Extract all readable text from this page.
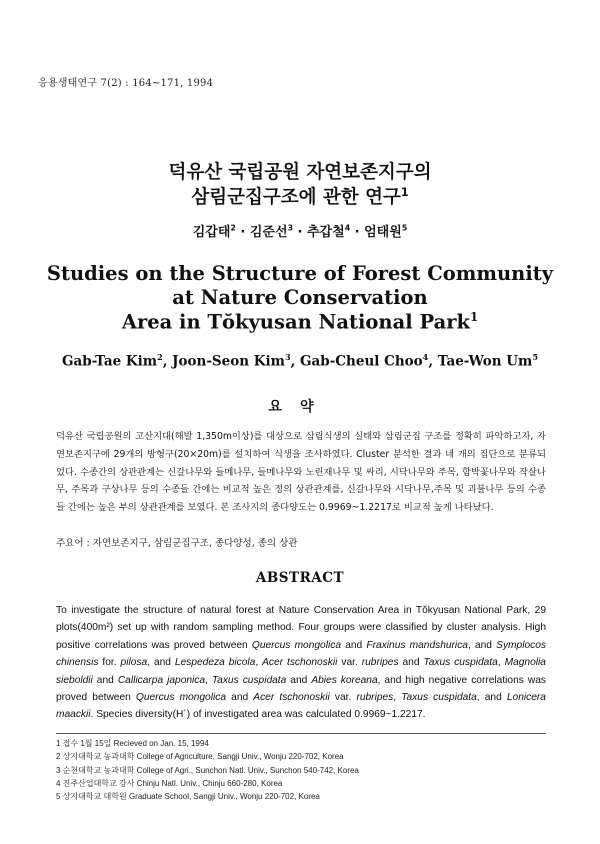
응용생태연구 7(2) : 164~171, 1994
덕유산 국립공원 자연보존지구의
삼림군집구조에 관한 연구$^1$
김갑태$^2$ · 김준선$^3$ · 추갑철$^4$ · 엄태원$^5$
Studies on the Structure of Forest Community
at Nature Conservation
Area in Tŏkyusan National Park$^1$
Gab-Tae Kim$^2$, Joon-Seon Kim$^3$, Gab-Cheul Choo$^4$, Tae-Won Um$^5$
요약
덕유산 국립공원의 고산지대(해발 1,350m이상)를 대상으로 삼림식생의 실태와 삼림군집 구조를 정확히 파악하고자, 자연보존지구에 29개의 방형구(20×20m)를 설치하여 식생을 조사하였다. Cluster 분석한 결과 네 개의 집단으로 분류되었다. 수종간의 상관관계는 신갈나무와 들메나무, 들메나무와 노린재나무 및 싸리, 시닥나무와 주목, 함박꽃나무와 작살나무, 주목과 구상나무 등의 수종들 간에는 비교적 높은 정의 상관관계를, 신갈나무와 시닥나무,주목 및 괴불나무 등의 수종들 간에는 높은 부의 상관관계를 보였다. 본 조사지의 종다양도는 0.9969~1.2217로 비교적 높게 나타났다.
주요어 : 자연보존지구, 삼림군집구조, 종다양성, 종의 상관
ABSTRACT
To investigate the structure of natural forest at Nature Conservation Area in Tŏkyusan National Park, 29 plots(400m²) set up with random sampling method. Four groups were classified by cluster analysis. High positive correlations was proved between Quercus mongolica and Fraxinus mandshurica, and Symplocos chinensis for. pilosa, and Lespedeza bicola, Acer tschonoskii var. rubripes and Taxus cuspidata, Magnolia sieboldii and Callicarpa japonica, Taxus cuspidata and Abies koreana, and high negative correlations was proved between Quercus mongolica and Acer tschonoskii var. rubripes, Taxus cuspidata, and Lonicera maackii. Species diversity(H´) of investigated area was calculated 0.9969~1.2217.
1 접수 1월 15일 Recieved on Jan. 15, 1994
2 상지대학교 농과대학 College of Agriculture, Sangji Univ., Wonju 220-702, Korea
3 순천대학교 농과대학 College of Agri., Sunchon Natl. Univ., Sunchon 540-742, Korea
4 진주산업대학교 강사 Chinju Natl. Univ., Chinju 660-280, Korea
5 상지대학교 대학원 Graduate School, Sangji Univ., Wonju 220-702, Korea
